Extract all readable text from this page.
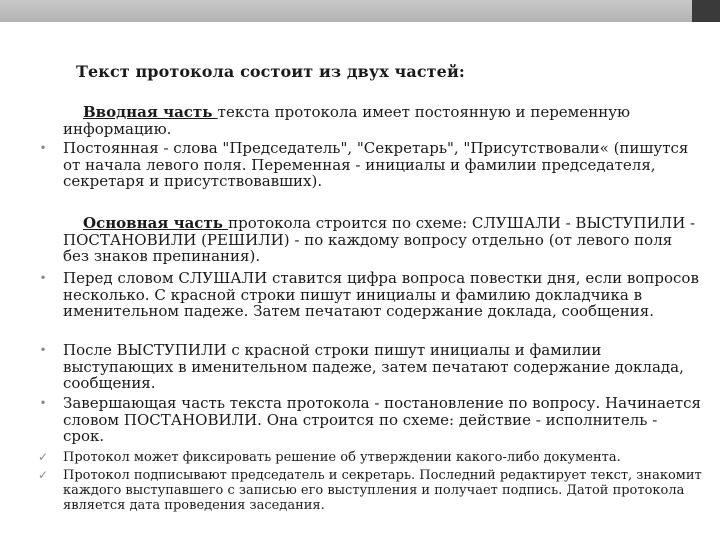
Текст протокола состоит из двух частей:
Вводная часть текста протокола имеет постоянную и переменную информацию.
•	Постоянная - слова "Председатель", "Секретарь", "Присутствовали« (пишутся от начала левого поля. Переменная - инициалы и фамилии председателя, секретаря и присутствовавших).
Основная часть протокола строится по схеме: СЛУШАЛИ - ВЫСТУПИЛИ - ПОСТАНОВИЛИ (РЕШИЛИ) - по каждому вопросу отдельно (от левого поля без знаков препинания).
•	Перед словом СЛУШАЛИ ставится цифра вопроса повестки дня, если вопросов несколько. С красной строки пишут инициалы и фамилию докладчика в именительном падеже. Затем печатают содержание доклада, сообщения.
•	После ВЫСТУПИЛИ с красной строки пишут инициалы и фамилии выступающих в именительном падеже, затем печатают содержание доклада, сообщения.
•	Завершающая часть текста протокола - постановление по вопросу. Начинается словом ПОСТАНОВИЛИ. Она строится по схеме: действие - исполнитель - срок.
✓	Протокол может фиксировать решение об утверждении какого-либо документа.
✓	Протокол подписывают председатель и секретарь. Последний редактирует текст, знакомит каждого выступавшего с записью его выступления и получает подпись. Датой протокола является дата проведения заседания.
